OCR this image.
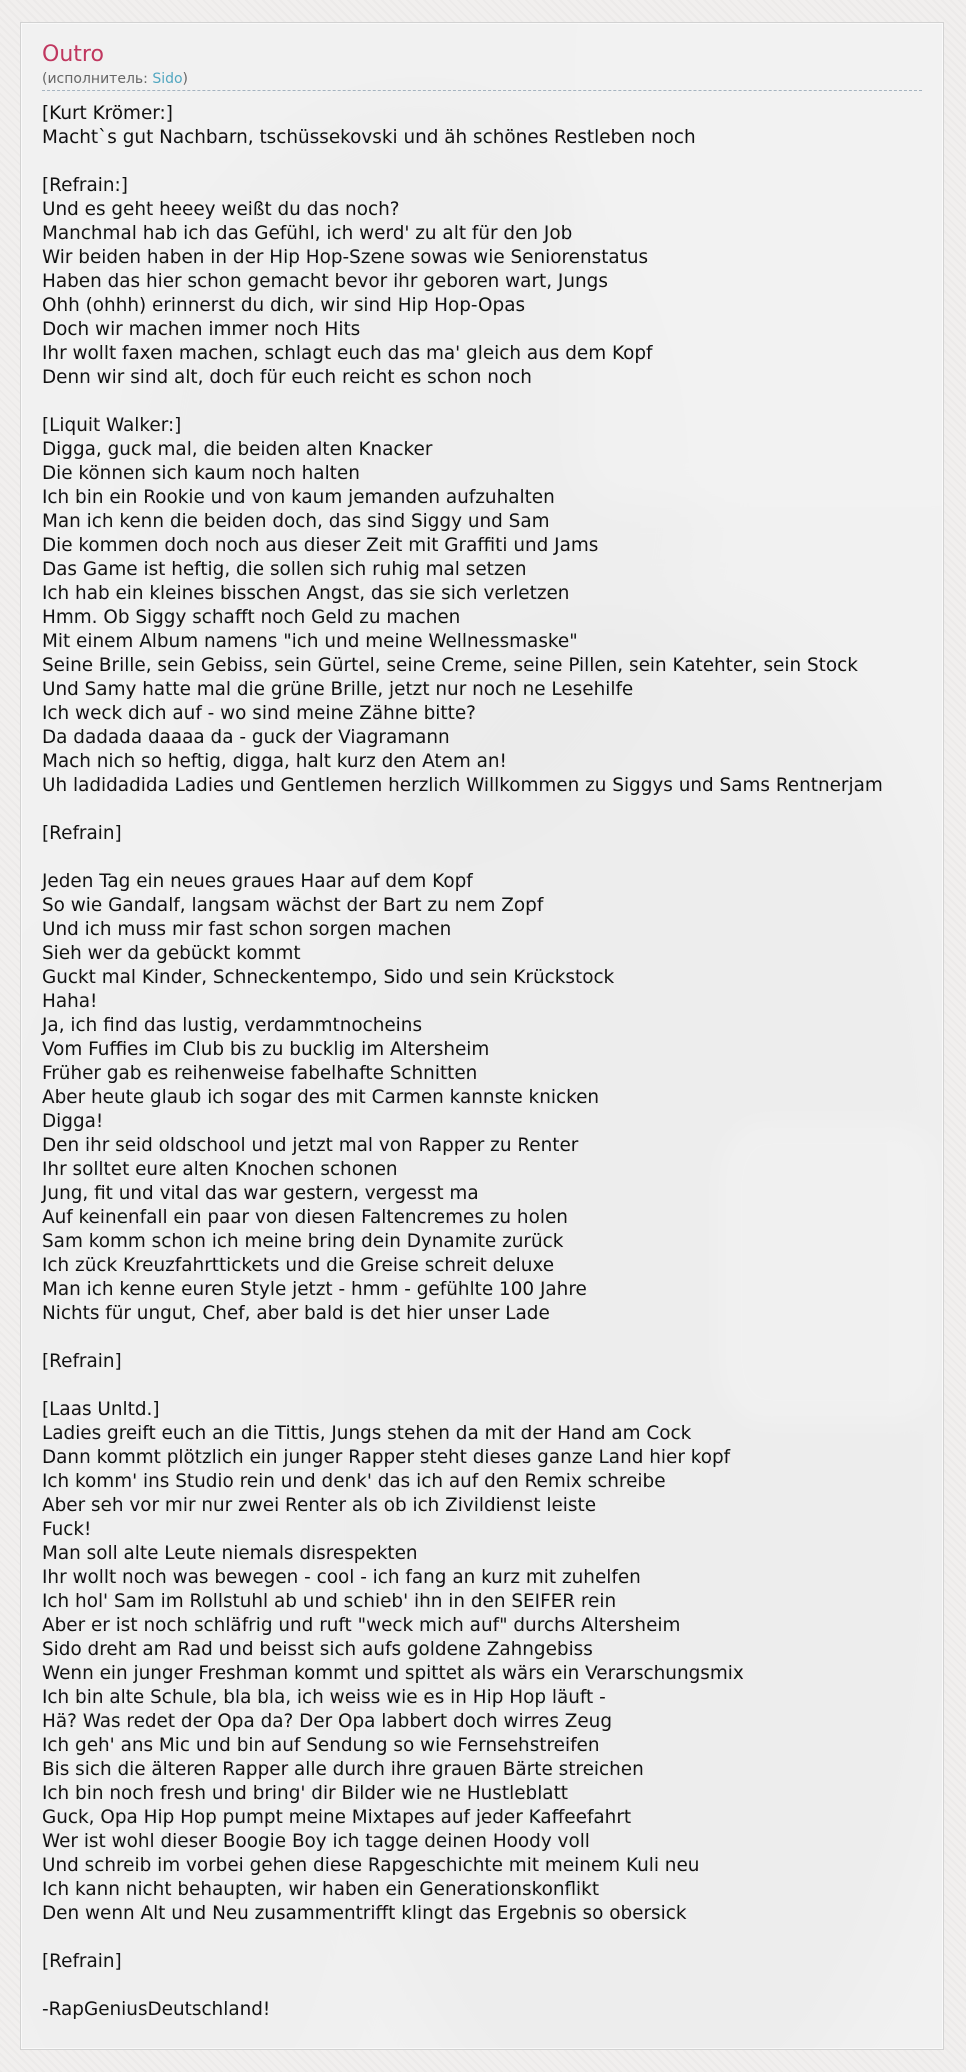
Outro
(исполнитель: Sido)
[Kurt Krömer:]
Macht`s gut Nachbarn, tschüssekovski und äh schönes Restleben noch
[Refrain:]
Und es geht heeey weißt du das noch?
Manchmal hab ich das Gefühl, ich werd' zu alt für den Job
Wir beiden haben in der Hip Hop-Szene sowas wie Seniorenstatus
Haben das hier schon gemacht bevor ihr geboren wart, Jungs
Ohh (ohhh) erinnerst du dich, wir sind Hip Hop-Opas
Doch wir machen immer noch Hits
Ihr wollt faxen machen, schlagt euch das ma' gleich aus dem Kopf
Denn wir sind alt, doch für euch reicht es schon noch
[Liquit Walker:]
Digga, guck mal, die beiden alten Knacker
Die können sich kaum noch halten
Ich bin ein Rookie und von kaum jemanden aufzuhalten
Man ich kenn die beiden doch, das sind Siggy und Sam
Die kommen doch noch aus dieser Zeit mit Graffiti und Jams
Das Game ist heftig, die sollen sich ruhig mal setzen
Ich hab ein kleines bisschen Angst, das sie sich verletzen
Hmm. Ob Siggy schafft noch Geld zu machen
Mit einem Album namens "ich und meine Wellnessmaske"
Seine Brille, sein Gebiss, sein Gürtel, seine Creme, seine Pillen, sein Katehter, sein Stock
Und Samy hatte mal die grüne Brille, jetzt nur noch ne Lesehilfe
Ich weck dich auf - wo sind meine Zähne bitte?
Da dadada daaaa da - guck der Viagramann
Mach nich so heftig, digga, halt kurz den Atem an!
Uh ladidadida Ladies und Gentlemen herzlich Willkommen zu Siggys und Sams Rentnerjam
[Refrain]
Jeden Tag ein neues graues Haar auf dem Kopf
So wie Gandalf, langsam wächst der Bart zu nem Zopf
Und ich muss mir fast schon sorgen machen
Sieh wer da gebückt kommt
Guckt mal Kinder, Schneckentempo, Sido und sein Krückstock
Haha!
Ja, ich find das lustig, verdammtnocheins
Vom Fuffies im Club bis zu bucklig im Altersheim
Früher gab es reihenweise fabelhafte Schnitten
Aber heute glaub ich sogar des mit Carmen kannste knicken
Digga!
Den ihr seid oldschool und jetzt mal von Rapper zu Renter
Ihr solltet eure alten Knochen schonen
Jung, fit und vital das war gestern, vergesst ma
Auf keinenfall ein paar von diesen Faltencremes zu holen
Sam komm schon ich meine bring dein Dynamite zurück
Ich zück Kreuzfahrttickets und die Greise schreit deluxe
Man ich kenne euren Style jetzt - hmm - gefühlte 100 Jahre
Nichts für ungut, Chef, aber bald is det hier unser Lade
[Refrain]
[Laas Unltd.]
Ladies greift euch an die Tittis, Jungs stehen da mit der Hand am Cock
Dann kommt plötzlich ein junger Rapper steht dieses ganze Land hier kopf
Ich komm' ins Studio rein und denk' das ich auf den Remix schreibe
Aber seh vor mir nur zwei Renter als ob ich Zivildienst leiste
Fuck!
Man soll alte Leute niemals disrespekten
Ihr wollt noch was bewegen - cool - ich fang an kurz mit zuhelfen
Ich hol' Sam im Rollstuhl ab und schieb' ihn in den SEIFER rein
Aber er ist noch schläfrig und ruft "weck mich auf" durchs Altersheim
Sido dreht am Rad und beisst sich aufs goldene Zahngebiss
Wenn ein junger Freshman kommt und spittet als wärs ein Verarschungsmix
Ich bin alte Schule, bla bla, ich weiss wie es in Hip Hop läuft -
Hä? Was redet der Opa da? Der Opa labbert doch wirres Zeug
Ich geh' ans Mic und bin auf Sendung so wie Fernsehstreifen
Bis sich die älteren Rapper alle durch ihre grauen Bärte streichen
Ich bin noch fresh und bring' dir Bilder wie ne Hustleblatt
Guck, Opa Hip Hop pumpt meine Mixtapes auf jeder Kaffeefahrt
Wer ist wohl dieser Boogie Boy ich tagge deinen Hoody voll
Und schreib im vorbei gehen diese Rapgeschichte mit meinem Kuli neu
Ich kann nicht behaupten, wir haben ein Generationskonflikt
Den wenn Alt und Neu zusammentrifft klingt das Ergebnis so obersick
[Refrain]
-RapGeniusDeutschland!
